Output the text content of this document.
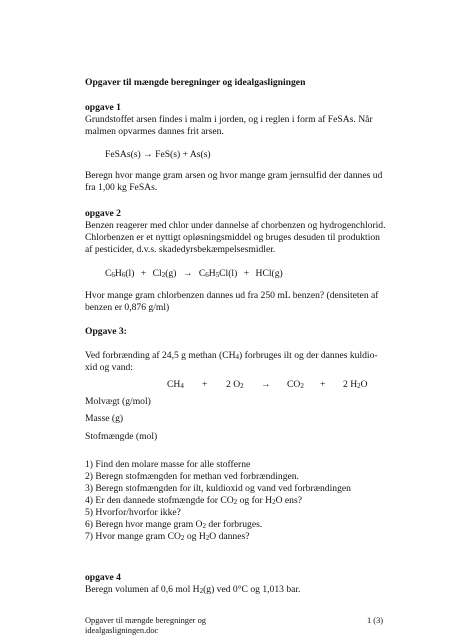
Opgaver til mængde beregninger og idealgasligningen
opgave 1
Grundstoffet arsen findes i malm i jorden, og i reglen i form af FeSAs. Når
malmen opvarmes dannes frit arsen.
FeSAs(s) → FeS(s) + As(s)
Beregn hvor mange gram arsen og hvor mange gram jernsulfid der dannes ud
fra 1,00 kg FeSAs.
opgave 2
Benzen reagerer med chlor under dannelse af chorbenzen og hydrogenchlorid.
Chlorbenzen er et nyttigt opløsningsmiddel og bruges desuden til produktion
af pesticider, d.v.s. skadedyrsbekæmpelsesmidler.
$C_6H_6(l) + Cl_2(g) \to C_6H_5Cl(l) + HCl(g)$
Hvor mange gram chlorbenzen dannes ud fra 250 mL benzen? (densiteten af
benzen er 0,876 g/ml)
Opgave 3:
Ved forbrænding af 24,5 g methan $(CH_4)$ forbruges ilt og der dannes kuldio-
xid og vand:
$CH_4 + 2$ $O_2 \to CO_2 + 2$ $H_2O$
Molvægt (g/mol)
Masse (g)
Stofmængde (mol)
1) Find den molare masse for alle stofferne
2) Beregn stofmængden for methan ved forbrændingen.
3) Beregn stofmængden for ilt, kuldioxid og vand ved forbrændingen
4) Er den dannede stofmængde for $CO_2$ og for $H_2O$ ens?
5) Hvorfor/hvorfor ikke?
6) Beregn hvor mange gram $O_2$ der forbruges.
7) Hvor mange gram $CO_2$ og $H_2O$ dannes?
opgave 4
Beregn volumen af 0,6 mol $H_2(g)$ ved 0°C og 1,013 bar.
Opgaver til mængde beregninger og
idealgasligningen.doc
1 (3)
